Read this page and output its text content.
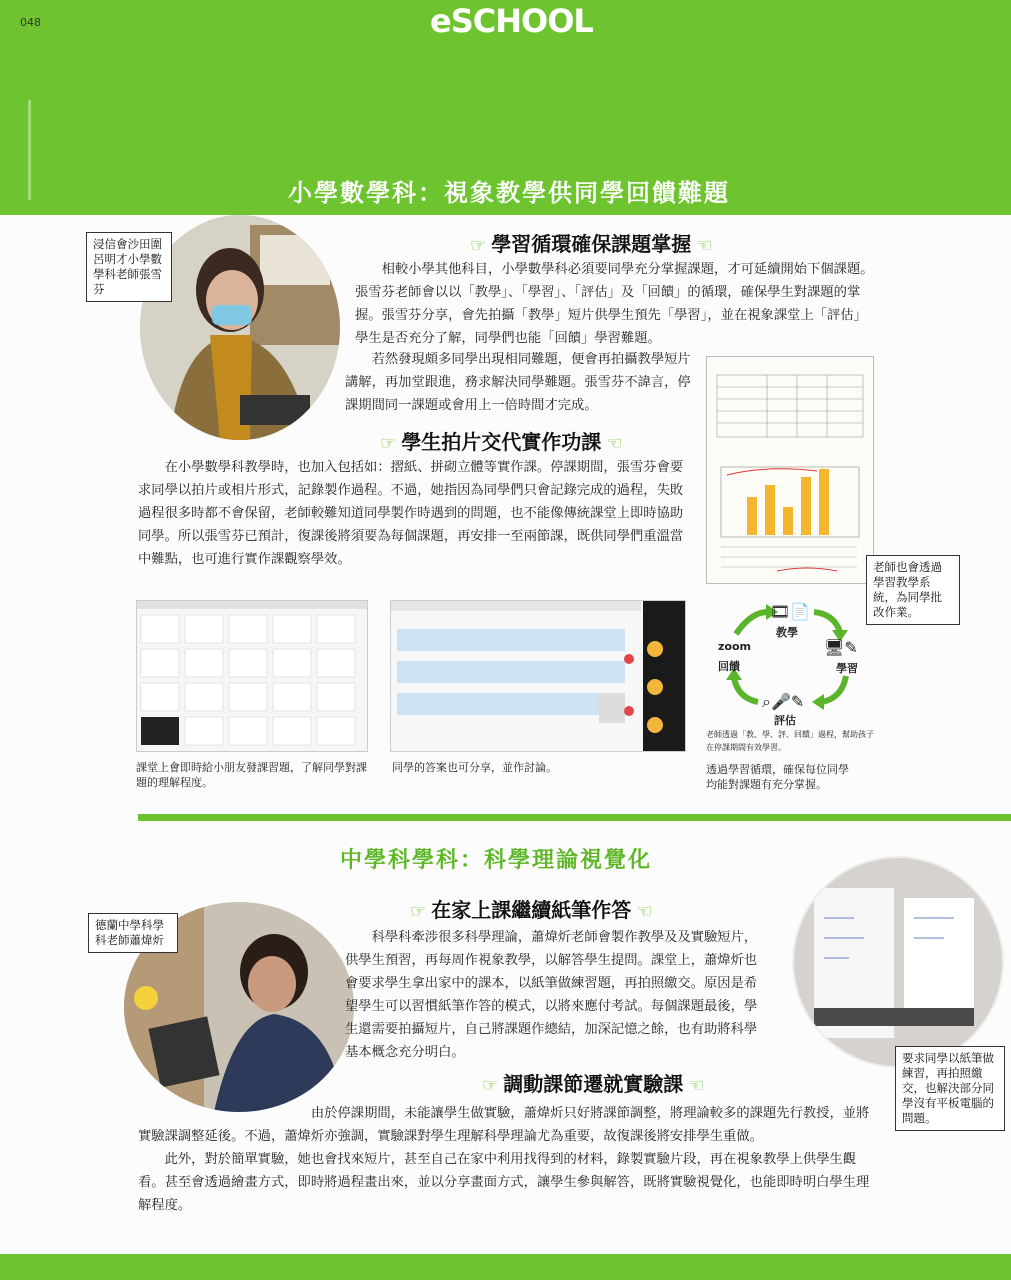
048	eSCHOOL
小學數學科：視象教學供同學回饋難題
浸信會沙田圍呂明才小學數學科老師張雪芬
☞ 學習循環確保課題掌握 ☜

相較小學其他科目，小學數學科必須要同學充分掌握課題，才可延續開始下個課題。張雪芬老師會以以「教學」、「學習」、「評估」及「回饋」的循環，確保學生對課題的掌握。張雪芬分享，會先拍攝「教學」短片供學生預先「學習」，並在視象課堂上「評估」學生是否充分了解，同學們也能「回饋」學習難題。

若然發現頗多同學出現相同難題，便會再拍攝教學短片講解，再加堂跟進，務求解決同學難題。張雪芬不諱言，停課期間同一課題或會用上一倍時間才完成。

老師也會透過學習教學系統，為同學批改作業。
☞ 學生拍片交代實作功課 ☜

在小學數學科教學時，也加入包括如：摺紙、拼砌立體等實作課。停課期間，張雪芬會要求同學以拍片或相片形式，記錄製作過程。不過，她指因為同學們只會記錄完成的過程，失敗過程很多時都不會保留，老師較難知道同學製作時遇到的問題，也不能像傳統課堂上即時協助同學。所以張雪芬已預計，復課後將須要為每個課題，再安排一至兩節課，既供同學們重溫當中難點，也可進行實作課觀察學效。

課堂上會即時給小朋友發課習題，了解同學對課題的理解程度。
同學的答案也可分享，並作討論。
🎞📄
教學
zoom
回饋
🖥✎
學習
⌕🎤✎
評估
老師透過「教、學、評、回饋」過程，幫助孩子在停課期間有效學習。
透過學習循環，確保每位同學均能對課題有充分掌握。
中學科學科：科學理論視覺化
德蘭中學科學科老師蕭煒炘
☞ 在家上課繼續紙筆作答 ☜

科學科牽涉很多科學理論，蕭煒炘老師會製作教學及及實驗短片，供學生預習，再每周作視象教學，以解答學生提問。課堂上，蕭煒炘也會要求學生拿出家中的課本，以紙筆做練習題，再拍照繳交。原因是希望學生可以習慣紙筆作答的模式，以將來應付考試。每個課題最後，學生還需要拍攝短片，自己將課題作總結，加深記憶之餘，也有助將科學基本概念充分明白。	要求同學以紙筆做練習，再拍照繳交，也解決部分同學沒有平板電腦的問題。
☞ 調動課節遷就實驗課 ☜

由於停課期間，未能讓學生做實驗，蕭煒炘只好將課節調整，將理論較多的課題先行教授，並將實驗課調整延後。不過，蕭煒炘亦強調，實驗課對學生理解科學理論尤為重要，故復課後將安排學生重做。

此外，對於簡單實驗，她也會找來短片，甚至自己在家中利用找得到的材料，錄製實驗片段，再在視象教學上供學生觀看。甚至會透過繪畫方式，即時將過程畫出來，並以分享畫面方式，讓學生參與解答，既將實驗視覺化，也能即時明白學生理解程度。
